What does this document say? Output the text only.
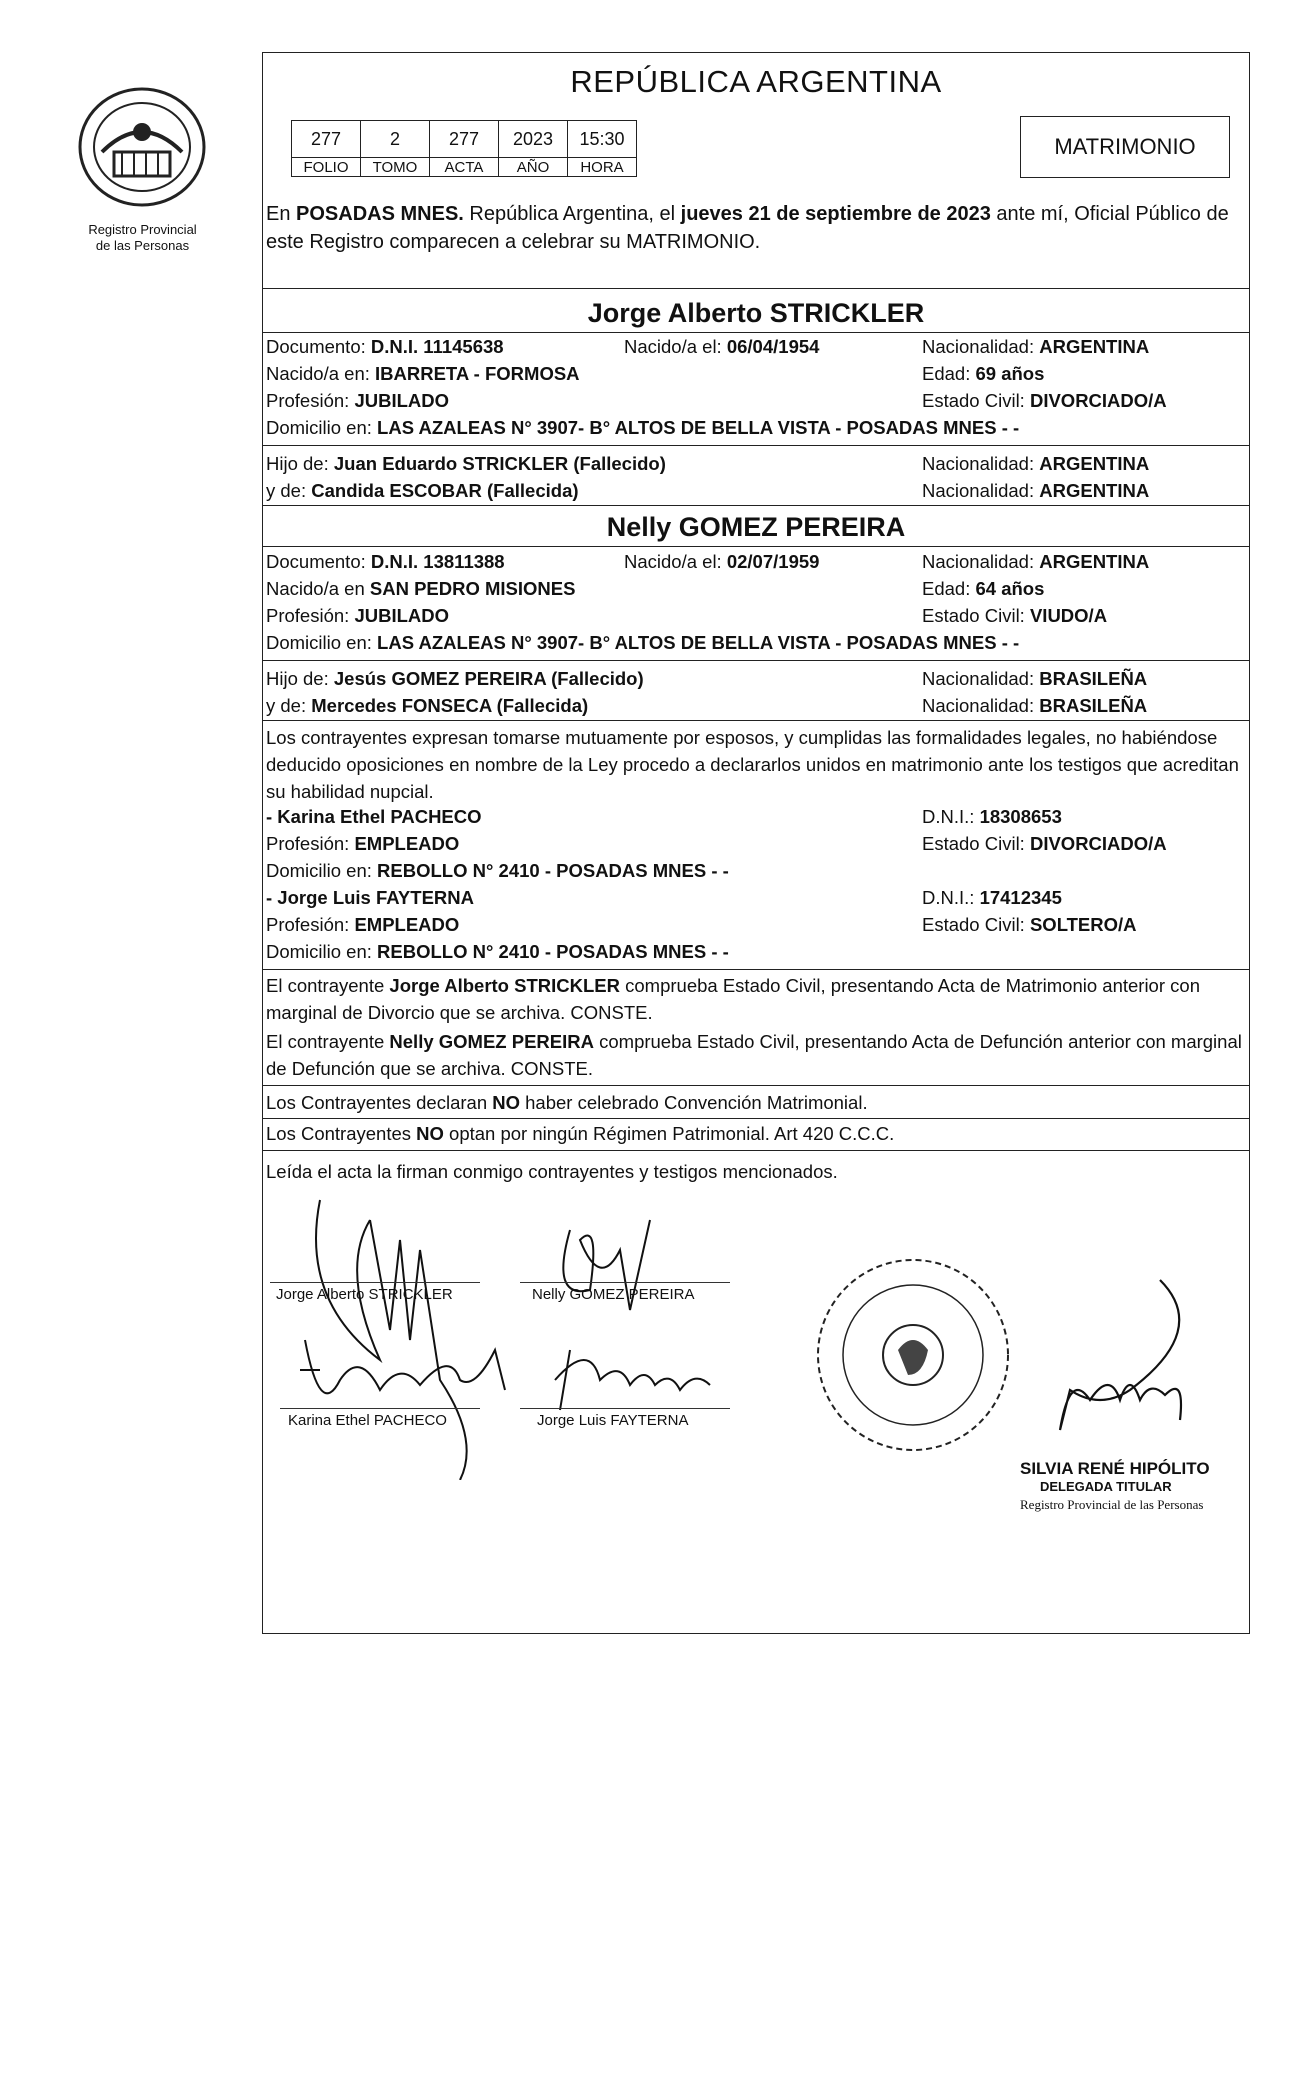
Registro Provincial
de las Personas
REPÚBLICA ARGENTINA
277	2	277	2023	15:30
FOLIO	TOMO	ACTA	AÑO	HORA
MATRIMONIO
En POSADAS MNES. República Argentina, el jueves 21 de septiembre de 2023 ante mí, Oficial Público de este Registro comparecen a celebrar su MATRIMONIO.
Jorge Alberto STRICKLER
Documento: D.N.I. 11145638	Nacido/a el: 06/04/1954	Nacionalidad: ARGENTINA
Nacido/a en: IBARRETA - FORMOSA	Edad: 69 años
Profesión: JUBILADO	Estado Civil: DIVORCIADO/A
Domicilio en: LAS AZALEAS N° 3907- B° ALTOS DE BELLA VISTA - POSADAS MNES - -
Hijo de: Juan Eduardo STRICKLER (Fallecido)	Nacionalidad: ARGENTINA
y de: Candida ESCOBAR (Fallecida)	Nacionalidad: ARGENTINA
Nelly GOMEZ PEREIRA
Documento: D.N.I. 13811388	Nacido/a el: 02/07/1959	Nacionalidad: ARGENTINA
Nacido/a en SAN PEDRO MISIONES	Edad: 64 años
Profesión: JUBILADO	Estado Civil: VIUDO/A
Domicilio en: LAS AZALEAS N° 3907- B° ALTOS DE BELLA VISTA - POSADAS MNES - -
Hijo de: Jesús GOMEZ PEREIRA (Fallecido)	Nacionalidad: BRASILEÑA
y de: Mercedes FONSECA (Fallecida)	Nacionalidad: BRASILEÑA
Los contrayentes expresan tomarse mutuamente por esposos, y cumplidas las formalidades legales, no habiéndose deducido oposiciones en nombre de la Ley procedo a declararlos unidos en matrimonio ante los testigos que acreditan su habilidad nupcial.
- Karina Ethel PACHECO	D.N.I.: 18308653
Profesión: EMPLEADO	Estado Civil: DIVORCIADO/A
Domicilio en: REBOLLO N° 2410 - POSADAS MNES - -
- Jorge Luis FAYTERNA	D.N.I.: 17412345
Profesión: EMPLEADO	Estado Civil: SOLTERO/A
Domicilio en: REBOLLO N° 2410 - POSADAS MNES - -
El contrayente Jorge Alberto STRICKLER comprueba Estado Civil, presentando Acta de Matrimonio anterior con marginal de Divorcio que se archiva. CONSTE.
El contrayente Nelly GOMEZ PEREIRA comprueba Estado Civil, presentando Acta de Defunción anterior con marginal de Defunción que se archiva. CONSTE.
Los Contrayentes declaran NO haber celebrado Convención Matrimonial.
Los Contrayentes NO optan por ningún Régimen Patrimonial. Art 420 C.C.C.
Leída el acta la firman conmigo contrayentes y testigos mencionados.
Jorge Alberto STRICKLER	Nelly GOMEZ PEREIRA
Karina Ethel PACHECO	Jorge Luis FAYTERNA
SILVIA RENÉ HIPÓLITO
DELEGADA TITULAR
Registro Provincial de las Personas
